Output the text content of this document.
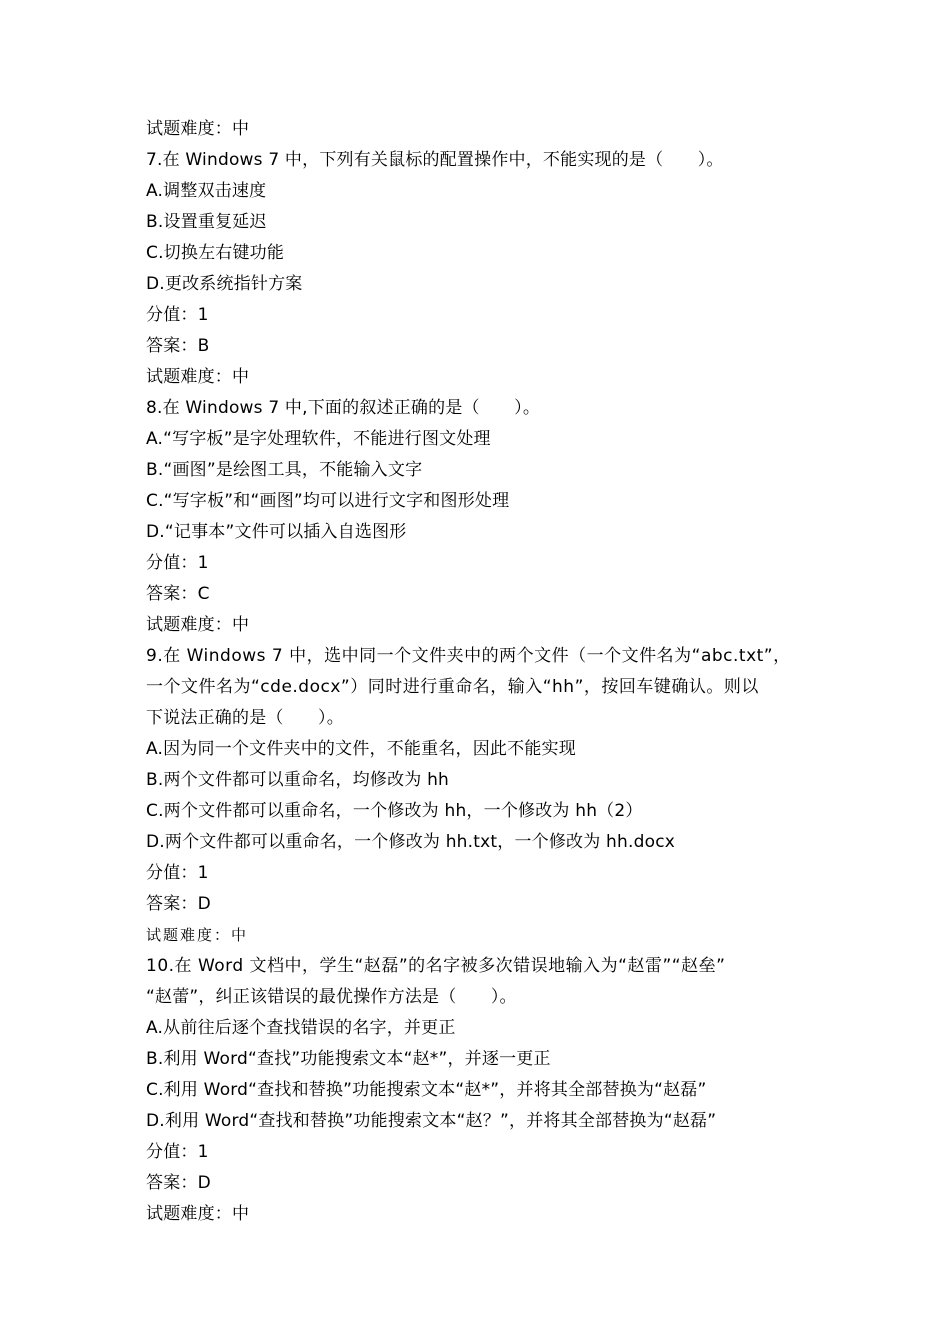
试题难度：中
7.在 Windows 7 中，下列有关鼠标的配置操作中，不能实现的是（　　）。
A.调整双击速度
B.设置重复延迟
C.切换左右键功能
D.更改系统指针方案
分值：1
答案：B
试题难度：中
8.在 Windows 7 中,下面的叙述正确的是（　　）。
A.“写字板”是字处理软件，不能进行图文处理
B.“画图”是绘图工具，不能输入文字
C.“写字板”和“画图”均可以进行文字和图形处理
D.“记事本”文件可以插入自选图形
分值：1
答案：C
试题难度：中
9.在 Windows 7 中，选中同一个文件夹中的两个文件（一个文件名为“abc.txt”，
一个文件名为“cde.docx”）同时进行重命名，输入“hh”，按回车键确认。则以
下说法正确的是（　　）。
A.因为同一个文件夹中的文件，不能重名，因此不能实现
B.两个文件都可以重命名，均修改为 hh
C.两个文件都可以重命名，一个修改为 hh，一个修改为 hh（2）
D.两个文件都可以重命名，一个修改为 hh.txt，一个修改为 hh.docx
分值：1
答案：D
试题难度：中
10.在 Word 文档中，学生“赵磊”的名字被多次错误地输入为“赵雷”“赵垒”
“赵蕾”，纠正该错误的最优操作方法是（　　）。
A.从前往后逐个查找错误的名字，并更正
B.利用 Word“查找”功能搜索文本“赵*”，并逐一更正
C.利用 Word“查找和替换”功能搜索文本“赵*”，并将其全部替换为“赵磊”
D.利用 Word“查找和替换”功能搜索文本“赵？”，并将其全部替换为“赵磊”
分值：1
答案：D
试题难度：中
